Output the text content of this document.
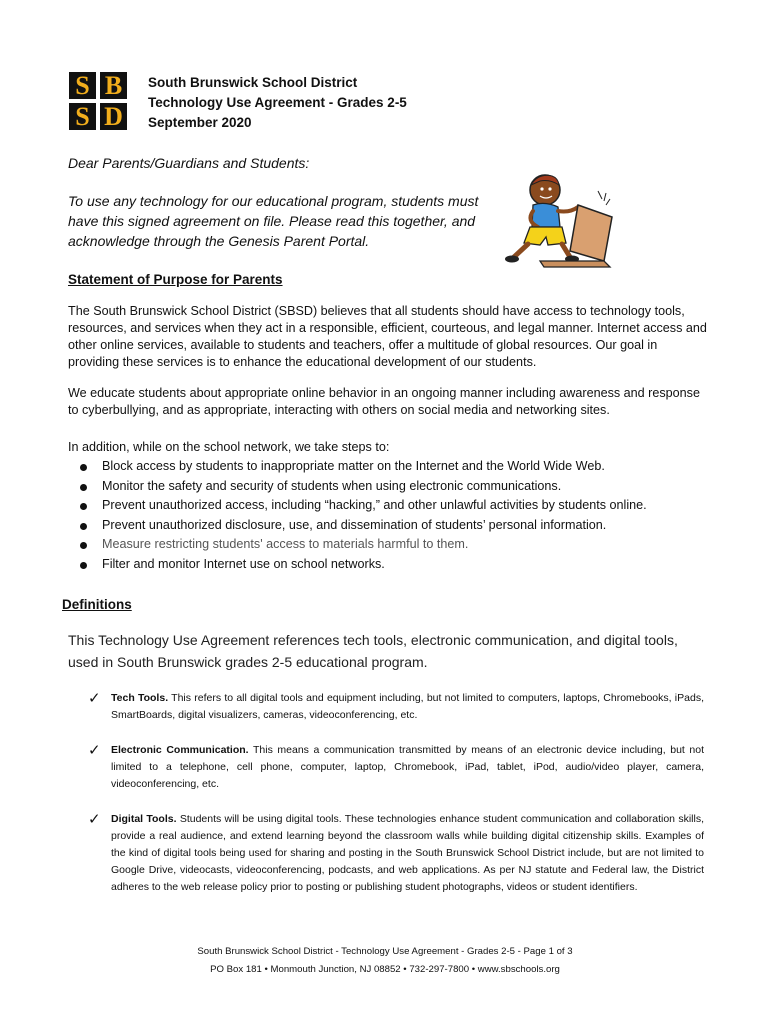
S B
S D
South Brunswick School District
Technology Use Agreement - Grades 2-5
September 2020
Dear Parents/Guardians and Students:
To use any technology for our educational program, students must
have this signed agreement on file. Please read this together, and
acknowledge through the Genesis Parent Portal.
Statement of Purpose for Parents
The South Brunswick School District (SBSD) believes that all students should have access to technology tools, resources, and services when they act in a responsible, efficient, courteous, and legal manner. Internet access and other online services, available to students and teachers, offer a multitude of global resources. Our goal in providing these services is to enhance the educational development of our students.
We educate students about appropriate online behavior in an ongoing manner including awareness and response to cyberbullying, and as appropriate, interacting with others on social media and networking sites.
In addition, while on the school network, we take steps to:
Block access by students to inappropriate matter on the Internet and the World Wide Web.
Monitor the safety and security of students when using electronic communications.
Prevent unauthorized access, including “hacking,” and other unlawful activities by students online.
Prevent unauthorized disclosure, use, and dissemination of students’ personal information.
Measure restricting students' access to materials harmful to them.
Filter and monitor Internet use on school networks.
Definitions
This Technology Use Agreement references tech tools, electronic communication, and digital tools,
used in South Brunswick grades 2-5 educational program.
✓ Tech Tools. This refers to all digital tools and equipment including, but not limited to computers, laptops, Chromebooks, iPads, SmartBoards, digital visualizers, cameras, videoconferencing, etc.
✓ Electronic Communication. This means a communication transmitted by means of an electronic device including, but not limited to a telephone, cell phone, computer, laptop, Chromebook, iPad, tablet, iPod, audio/video player, camera, videoconferencing, etc.
✓ Digital Tools. Students will be using digital tools. These technologies enhance student communication and collaboration skills, provide a real audience, and extend learning beyond the classroom walls while building digital citizenship skills. Examples of the kind of digital tools being used for sharing and posting in the South Brunswick School District include, but are not limited to Google Drive, videocasts, videoconferencing, podcasts, and web applications. As per NJ statute and Federal law, the District adheres to the web release policy prior to posting or publishing student photographs, videos or student identifiers.
South Brunswick School District - Technology Use Agreement - Grades 2-5 - Page 1 of 3
PO Box 181 • Monmouth Junction, NJ 08852 • 732-297-7800 • www.sbschools.org
